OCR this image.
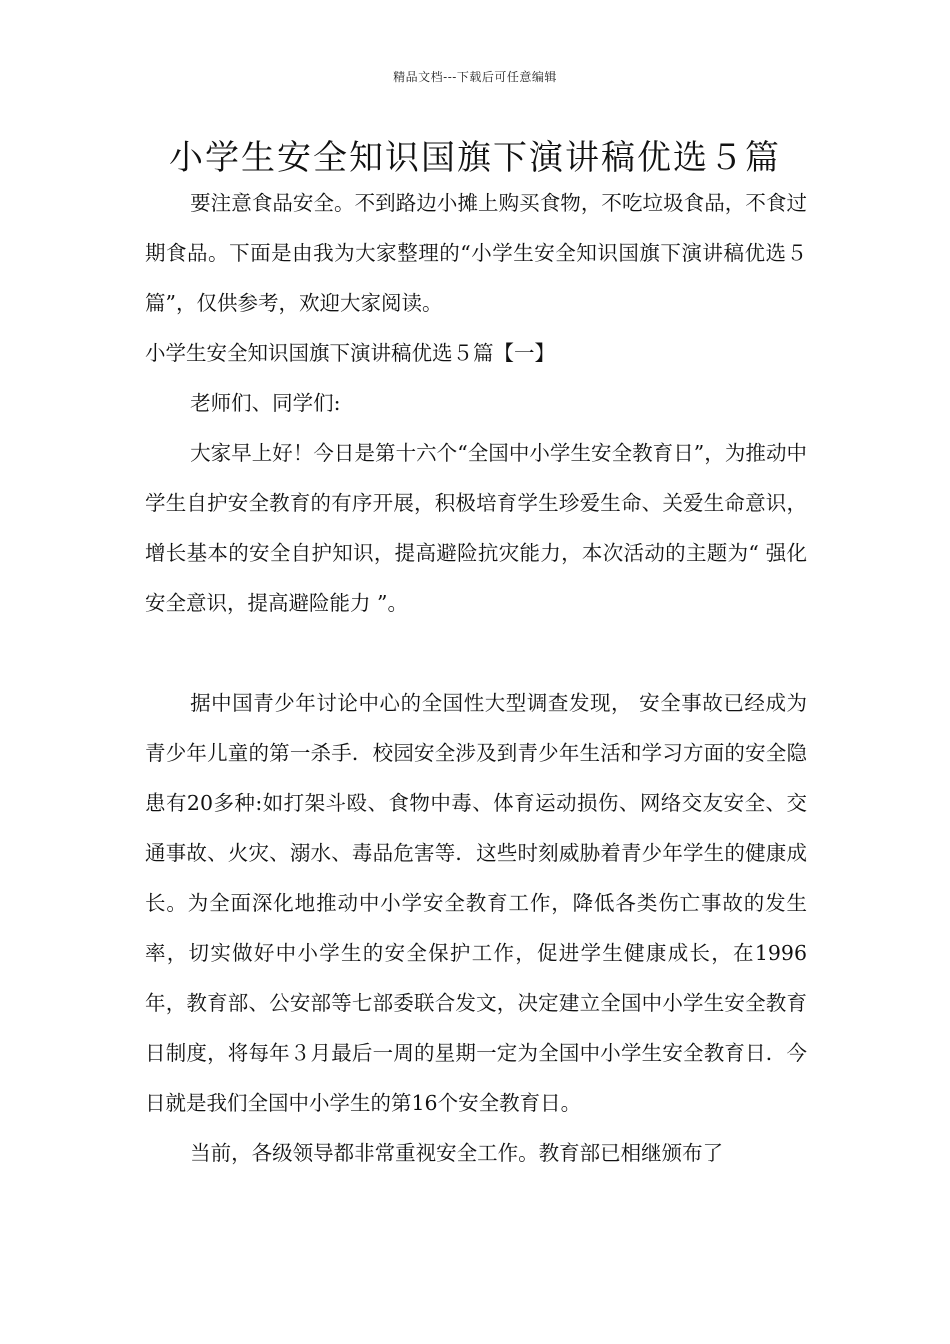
精品文档---下载后可任意编辑
小学生安全知识国旗下演讲稿优选５篇

要注意食品安全。不到路边小摊上购买食物，不吃垃圾食品，不食过期食品。下面是由我为大家整理的“小学生安全知识国旗下演讲稿优选５篇”，仅供参考，欢迎大家阅读。

小学生安全知识国旗下演讲稿优选５篇【一】

老师们、同学们:

大家早上好！今日是第十六个“全国中小学生安全教育日”，为推动中学生自护安全教育的有序开展，积极培育学生珍爱生命、关爱生命意识，增长基本的安全自护知识，提高避险抗灾能力，本次活动的主题为“ 强化安全意识，提高避险能力 ”。

据中国青少年讨论中心的全国性大型调查发现， 安全事故已经成为青少年儿童的第一杀手．校园安全涉及到青少年生活和学习方面的安全隐患有20多种:如打架斗殴、食物中毒、体育运动损伤、网络交友安全、交通事故、火灾、溺水、毒品危害等．这些时刻威胁着青少年学生的健康成长。为全面深化地推动中小学安全教育工作，降低各类伤亡事故的发生率，切实做好中小学生的安全保护工作，促进学生健康成长，在1996年，教育部、公安部等七部委联合发文，决定建立全国中小学生安全教育日制度，将每年３月最后一周的星期一定为全国中小学生安全教育日．今日就是我们全国中小学生的第16个安全教育日。

当前，各级领导都非常重视安全工作。教育部已相继颁布了
